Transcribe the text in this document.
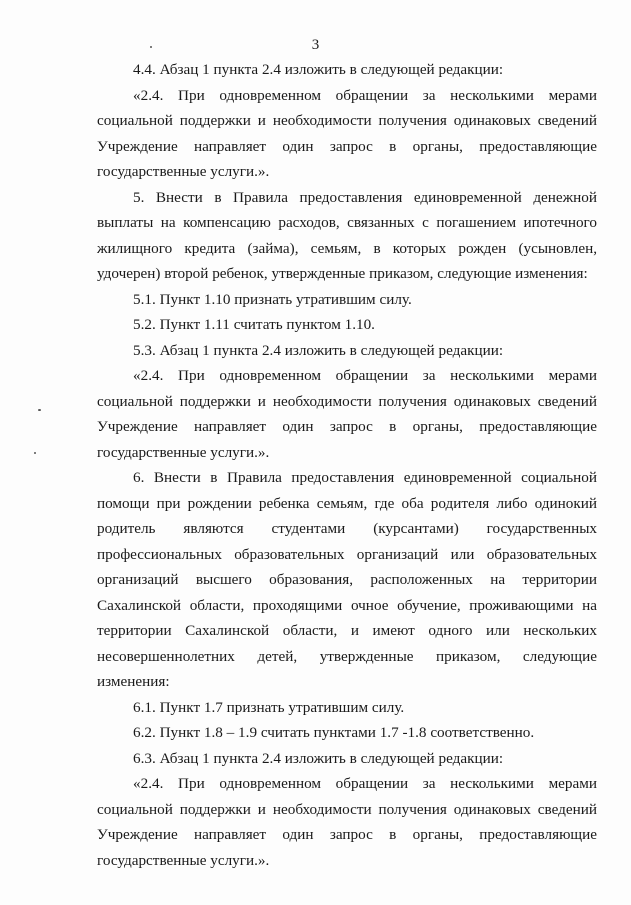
3

4.4. Абзац 1 пункта 2.4 изложить в следующей редакции:

«2.4. При одновременном обращении за несколькими мерами социальной поддержки и необходимости получения одинаковых сведений Учреждение направляет один запрос в органы, предоставляющие государственные услуги.».

5. Внести в Правила предоставления единовременной денежной выплаты на компенсацию расходов, связанных с погашением ипотечного жилищного кредита (займа), семьям, в которых рожден (усыновлен, удочерен) второй ребенок, утвержденные приказом, следующие изменения:

5.1. Пункт 1.10 признать утратившим силу.

5.2. Пункт 1.11 считать пунктом 1.10.

5.3. Абзац 1 пункта 2.4 изложить в следующей редакции:

«2.4. При одновременном обращении за несколькими мерами социальной поддержки и необходимости получения одинаковых сведений Учреждение направляет один запрос в органы, предоставляющие государственные услуги.».

6. Внести в Правила предоставления единовременной социальной помощи при рождении ребенка семьям, где оба родителя либо одинокий родитель являются студентами (курсантами) государственных профессиональных образовательных организаций или образовательных организаций высшего образования, расположенных на территории Сахалинской области, проходящими очное обучение, проживающими на территории Сахалинской области, и имеют одного или нескольких несовершеннолетних детей, утвержденные приказом, следующие изменения:

6.1. Пункт 1.7 признать утратившим силу.

6.2. Пункт 1.8 – 1.9 считать пунктами 1.7 -1.8 соответственно.

6.3. Абзац 1 пункта 2.4 изложить в следующей редакции:

«2.4. При одновременном обращении за несколькими мерами социальной поддержки и необходимости получения одинаковых сведений Учреждение направляет один запрос в органы, предоставляющие государственные услуги.».
